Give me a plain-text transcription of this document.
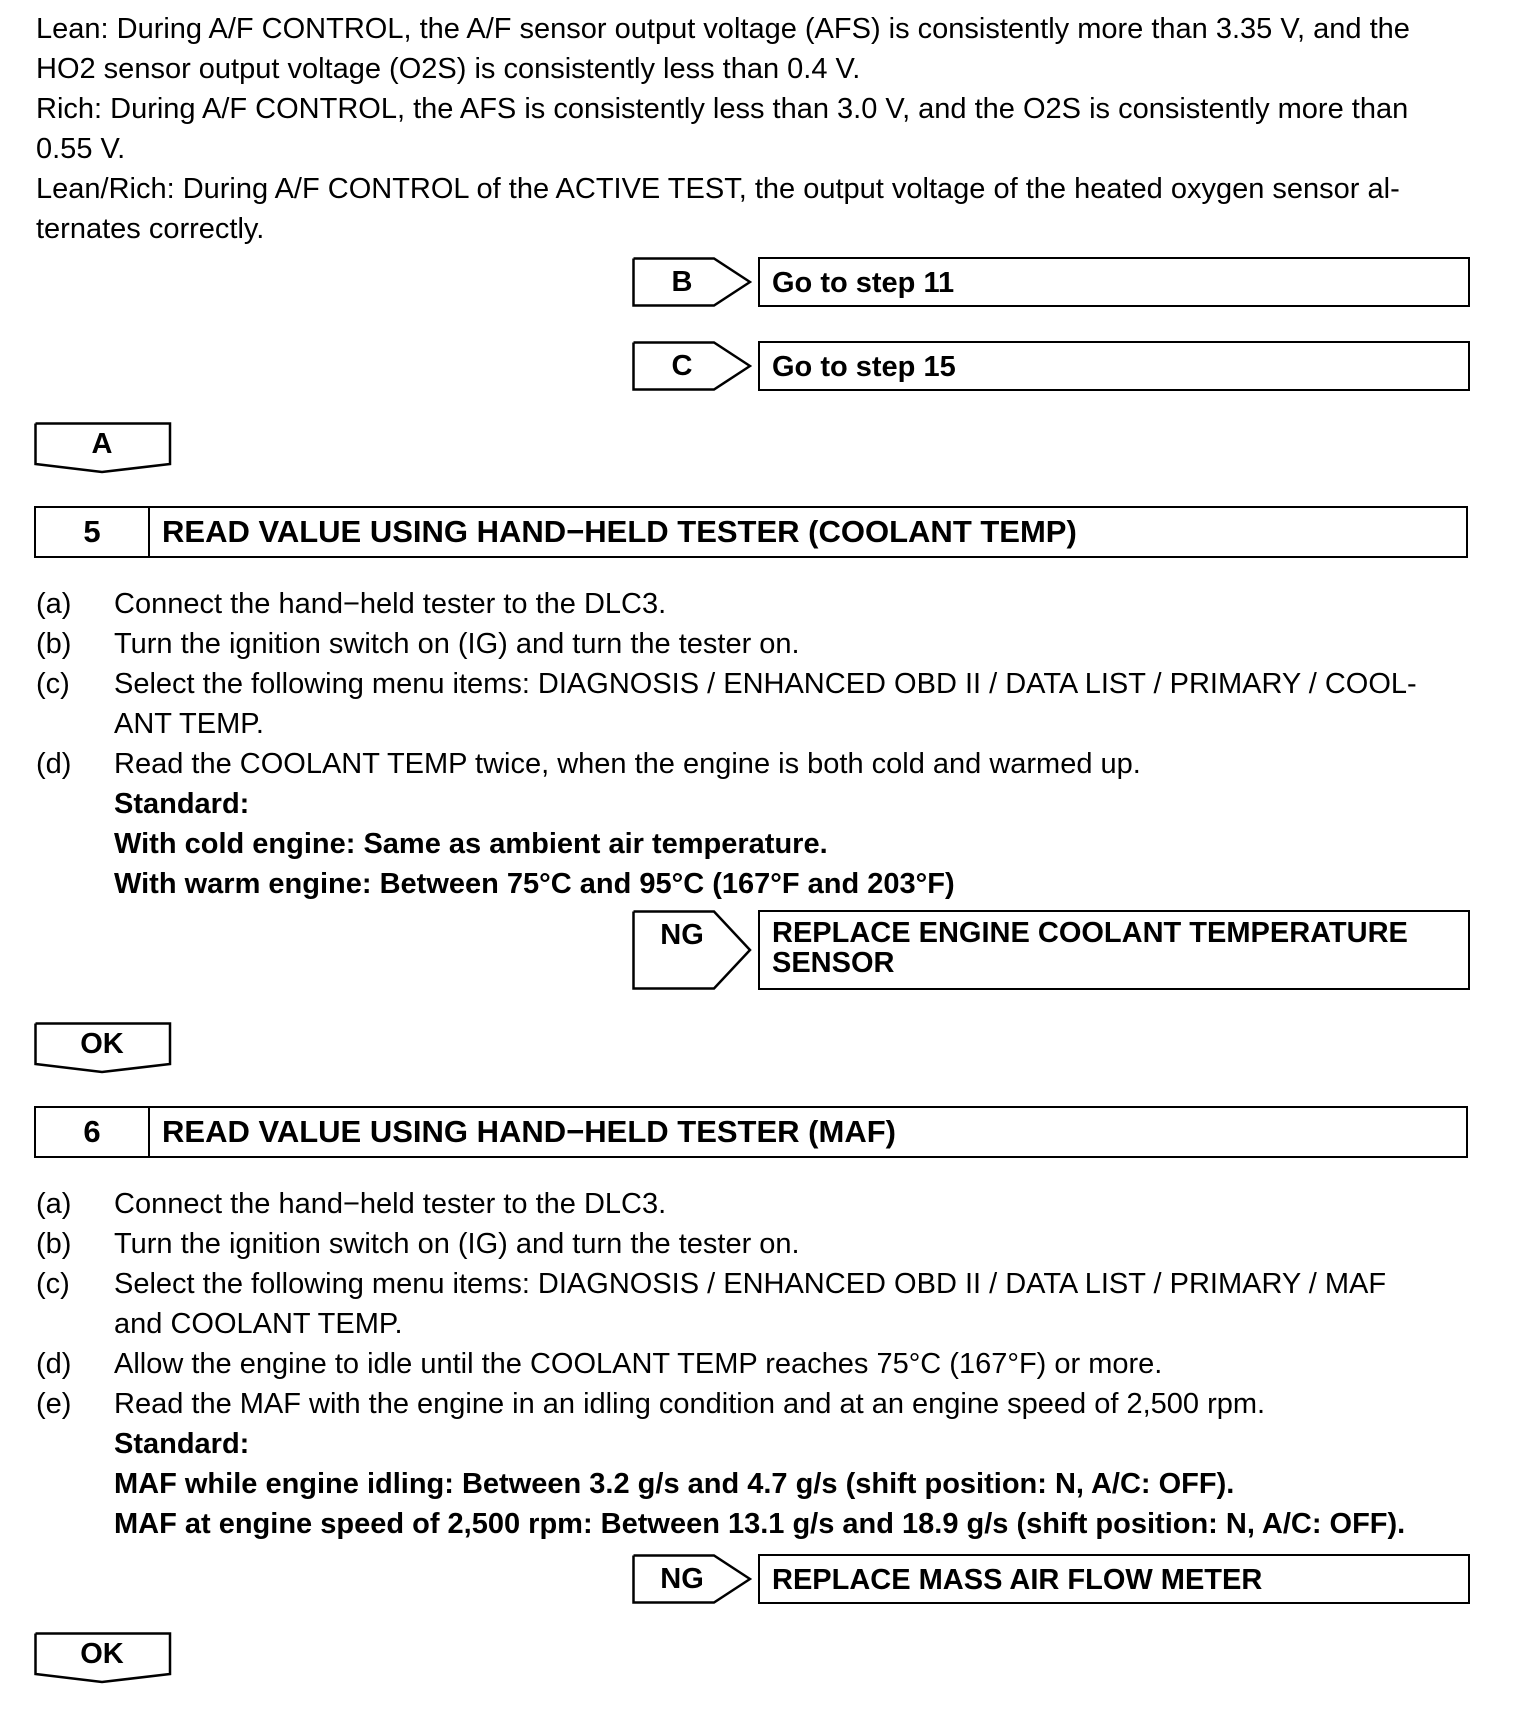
Lean: During A/F CONTROL, the A/F sensor output voltage (AFS) is consistently more than 3.35 V, and the
HO2 sensor output voltage (O2S) is consistently less than 0.4 V.
Rich: During A/F CONTROL, the AFS is consistently less than 3.0 V, and the O2S is consistently more than
0.55 V.
Lean/Rich: During A/F CONTROL of the ACTIVE TEST, the output voltage of the heated oxygen sensor al-
ternates correctly.
B	Go to step 11
C	Go to step 15
A
5	READ VALUE USING HAND−HELD TESTER (COOLANT TEMP)
(a)	Connect the hand−held tester to the DLC3.
(b)	Turn the ignition switch on (IG) and turn the tester on.
(c)	Select the following menu items: DIAGNOSIS / ENHANCED OBD II / DATA LIST / PRIMARY / COOL-
ANT TEMP.
(d)	Read the COOLANT TEMP twice, when the engine is both cold and warmed up.
Standard:
With cold engine: Same as ambient air temperature.
With warm engine: Between 75°C and 95°C (167°F and 203°F)
NG	REPLACE ENGINE COOLANT TEMPERATURE
SENSOR
OK
6	READ VALUE USING HAND−HELD TESTER (MAF)
(a)	Connect the hand−held tester to the DLC3.
(b)	Turn the ignition switch on (IG) and turn the tester on.
(c)	Select the following menu items: DIAGNOSIS / ENHANCED OBD II / DATA LIST / PRIMARY / MAF
and COOLANT TEMP.
(d)	Allow the engine to idle until the COOLANT TEMP reaches 75°C (167°F) or more.
(e)	Read the MAF with the engine in an idling condition and at an engine speed of 2,500 rpm.
Standard:
MAF while engine idling: Between 3.2 g/s and 4.7 g/s (shift position: N, A/C: OFF).
MAF at engine speed of 2,500 rpm: Between 13.1 g/s and 18.9 g/s (shift position: N, A/C: OFF).
NG	REPLACE MASS AIR FLOW METER
OK
